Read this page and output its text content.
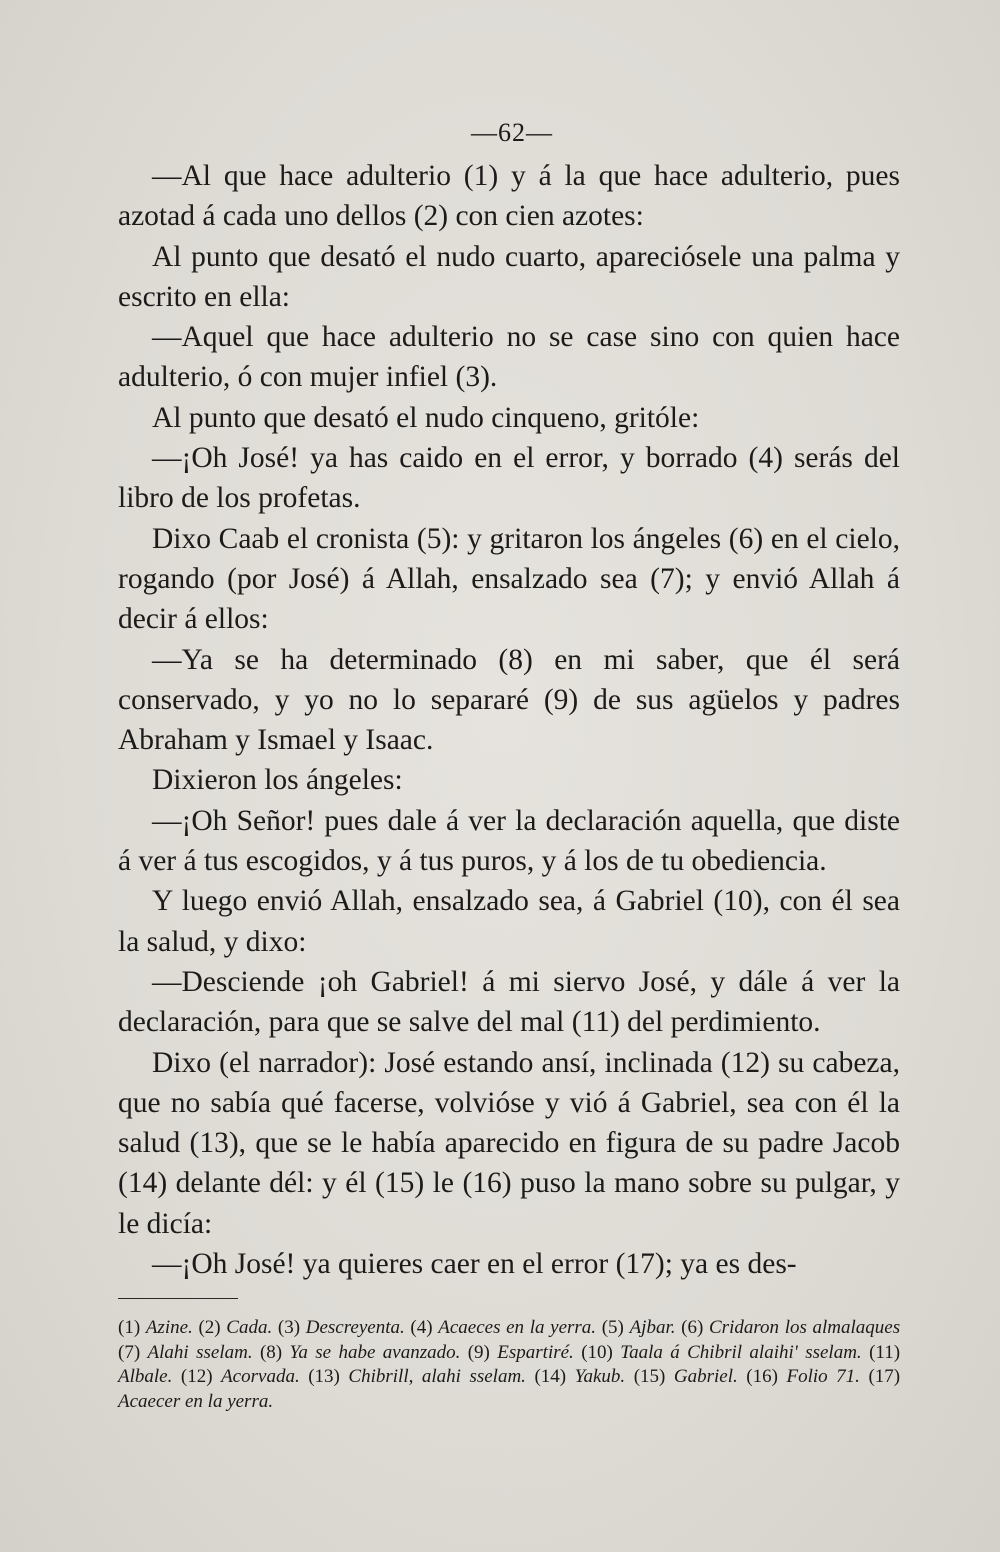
—62—

—Al que hace adulterio (1) y á la que hace adulterio, pues azotad á cada uno dellos (2) con cien azotes:

Al punto que desató el nudo cuarto, apareciósele una palma y escrito en ella:

—Aquel que hace adulterio no se case sino con quien hace adulterio, ó con mujer infiel (3).

Al punto que desató el nudo cinqueno, gritóle:

—¡Oh José! ya has caido en el error, y borrado (4) serás del libro de los profetas.

Dixo Caab el cronista (5): y gritaron los ángeles (6) en el cielo, rogando (por José) á Allah, ensalzado sea (7); y envió Allah á decir á ellos:

—Ya se ha determinado (8) en mi saber, que él será conservado, y yo no lo separaré (9) de sus agüelos y padres Abraham y Ismael y Isaac.

Dixieron los ángeles:

—¡Oh Señor! pues dale á ver la declaración aquella, que diste á ver á tus escogidos, y á tus puros, y á los de tu obediencia.

Y luego envió Allah, ensalzado sea, á Gabriel (10), con él sea la salud, y dixo:

—Desciende ¡oh Gabriel! á mi siervo José, y dále á ver la declaración, para que se salve del mal (11) del perdimiento.

Dixo (el narrador): José estando ansí, inclinada (12) su cabeza, que no sabía qué facerse, volvióse y vió á Gabriel, sea con él la salud (13), que se le había aparecido en figura de su padre Jacob (14) delante dél: y él (15) le (16) puso la mano sobre su pulgar, y le dicía:

—¡Oh José! ya quieres caer en el error (17); ya es des-

(1) Azine. (2) Cada. (3) Descreyenta. (4) Acaeces en la yerra. (5) Ajbar. (6) Cridaron los almalaques (7) Alahi sselam. (8) Ya se habe avanzado. (9) Espartiré. (10) Taala á Chibril alaihi' sselam. (11) Albale. (12) Acorvada. (13) Chibrill, alahi sselam. (14) Yakub. (15) Gabriel. (16) Folio 71. (17) Acaecer en la yerra.
